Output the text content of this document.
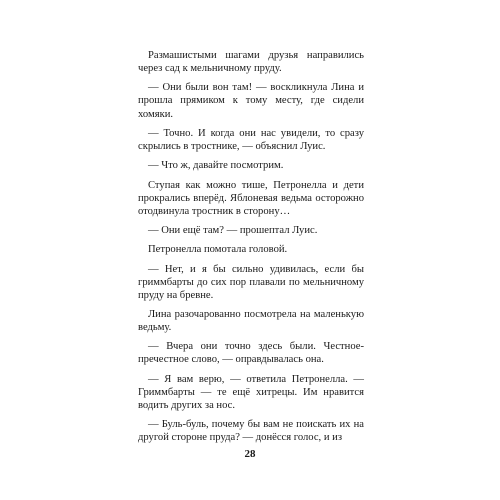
Размашистыми шагами друзья направились через сад к мельничному пруду.

— Они были вон там! — воскликнула Лина и прошла прямиком к тому месту, где сидели хомяки.

— Точно. И когда они нас увидели, то сразу скрылись в тростнике, — объяснил Луис.

— Что ж, давайте посмотрим.

Ступая как можно тише, Петронелла и дети прокрались вперёд. Яблоневая ведьма осторожно отодвинула тростник в сторону…

— Они ещё там? — прошептал Луис.

Петронелла помотала головой.

— Нет, и я бы сильно удивилась, если бы гриммбарты до сих пор плавали по мельничному пруду на бревне.

Лина разочарованно посмотрела на маленькую ведьму.

— Вчера они точно здесь были. Честное-пречестное слово, — оправдывалась она.

— Я вам верю, — ответила Петронелла. — Гриммбарты — те ещё хитрецы. Им нравится водить других за нос.

— Буль-буль, почему бы вам не поискать их на другой стороне пруда? — донёсся голос, и из

28
